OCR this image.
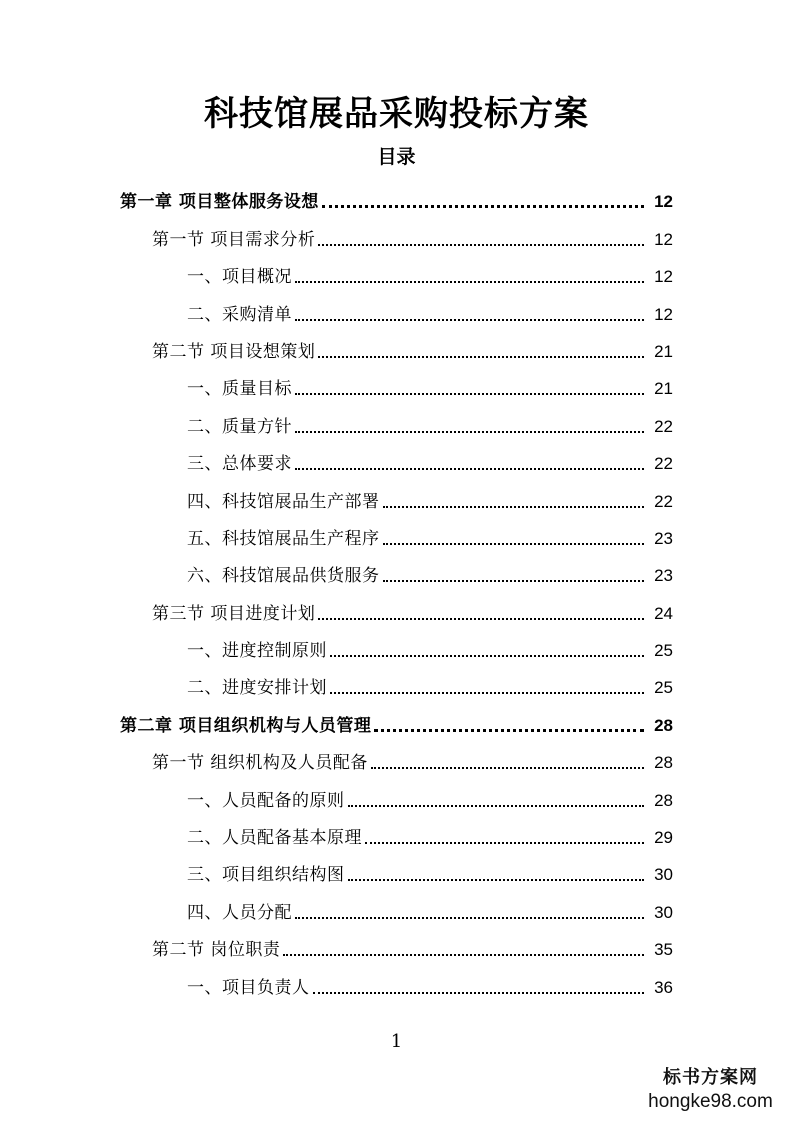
科技馆展品采购投标方案
目录
第一章 项目整体服务设想	12
第一节 项目需求分析	12
一、项目概况	12
二、采购清单	12
第二节 项目设想策划	21
一、质量目标	21
二、质量方针	22
三、总体要求	22
四、科技馆展品生产部署	22
五、科技馆展品生产程序	23
六、科技馆展品供货服务	23
第三节 项目进度计划	24
一、进度控制原则	25
二、进度安排计划	25
第二章 项目组织机构与人员管理	28
第一节 组织机构及人员配备	28
一、人员配备的原则	28
二、人员配备基本原理	29
三、项目组织结构图	30
四、人员分配	30
第二节 岗位职责	35
一、项目负责人	36
1
标书方案网
hongke98.com
